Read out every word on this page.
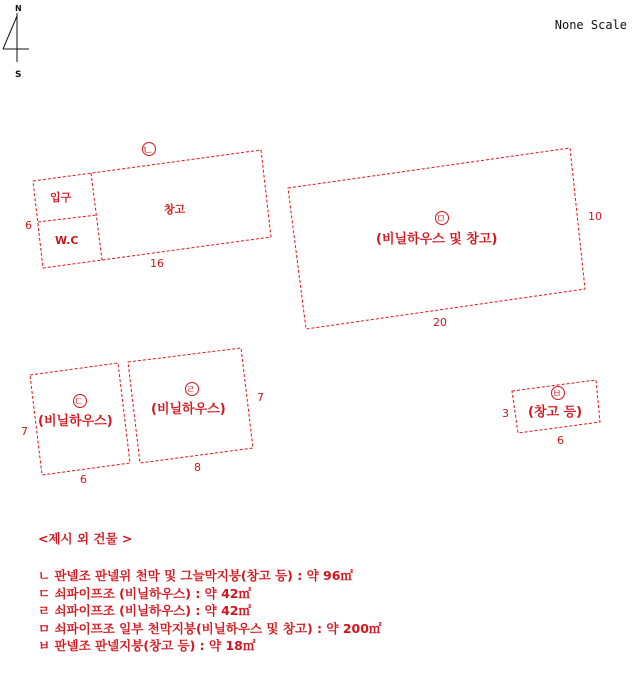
N
S
ㄴ
입구
W.C
창고
6
16
ㄷ
(비닐하우스)
7
6
ㄹ
(비닐하우스)
7
8
ㅁ
(비닐하우스 및 창고)
10
20
ㅂ
(창고 등)
3
6
None Scale
<제시 외 건물 >
ㄴ 판넬조 판넬위 천막 및 그늘막지붕(창고 등) : 약 96㎡
ㄷ 쇠파이프조 (비닐하우스) : 약 42㎡
ㄹ 쇠파이프조 (비닐하우스) : 약 42㎡
ㅁ 쇠파이프조 일부 천막지붕(비닐하우스 및 창고) : 약 200㎡
ㅂ 판넬조 판넬지붕(창고 등) : 약 18㎡
